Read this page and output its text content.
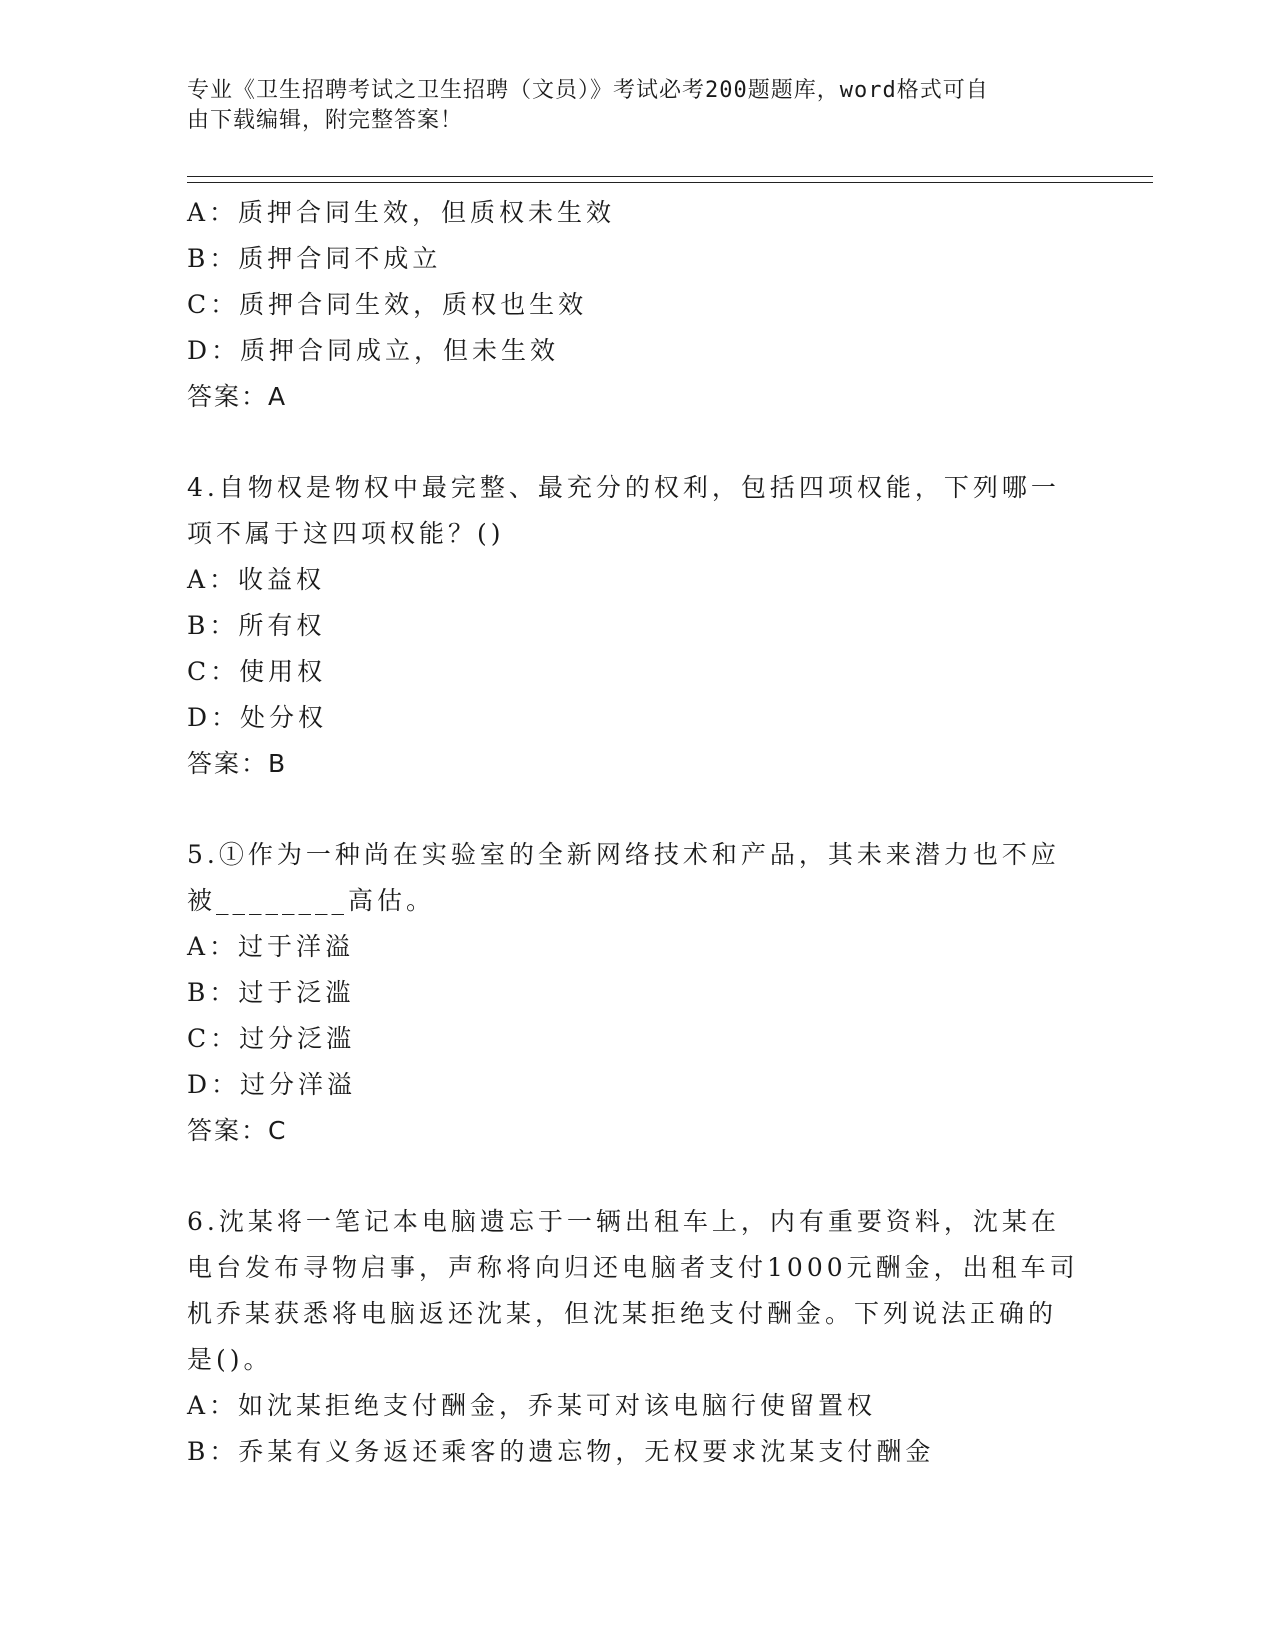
专业《卫生招聘考试之卫生招聘（文员）》考试必考200题题库，word格式可自
由下载编辑，附完整答案！
A：质押合同生效，但质权未生效
B：质押合同不成立
C：质押合同生效，质权也生效
D：质押合同成立，但未生效
答案：A
4.自物权是物权中最完整、最充分的权利，包括四项权能，下列哪一
项不属于这四项权能？()
A：收益权
B：所有权
C：使用权
D：处分权
答案：B
5.①作为一种尚在实验室的全新网络技术和产品，其未来潜力也不应
被________高估。
A：过于洋溢
B：过于泛滥
C：过分泛滥
D：过分洋溢
答案：C
6.沈某将一笔记本电脑遗忘于一辆出租车上，内有重要资料，沈某在
电台发布寻物启事，声称将向归还电脑者支付1000元酬金，出租车司
机乔某获悉将电脑返还沈某，但沈某拒绝支付酬金。下列说法正确的
是()。
A：如沈某拒绝支付酬金，乔某可对该电脑行使留置权
B：乔某有义务返还乘客的遗忘物，无权要求沈某支付酬金
